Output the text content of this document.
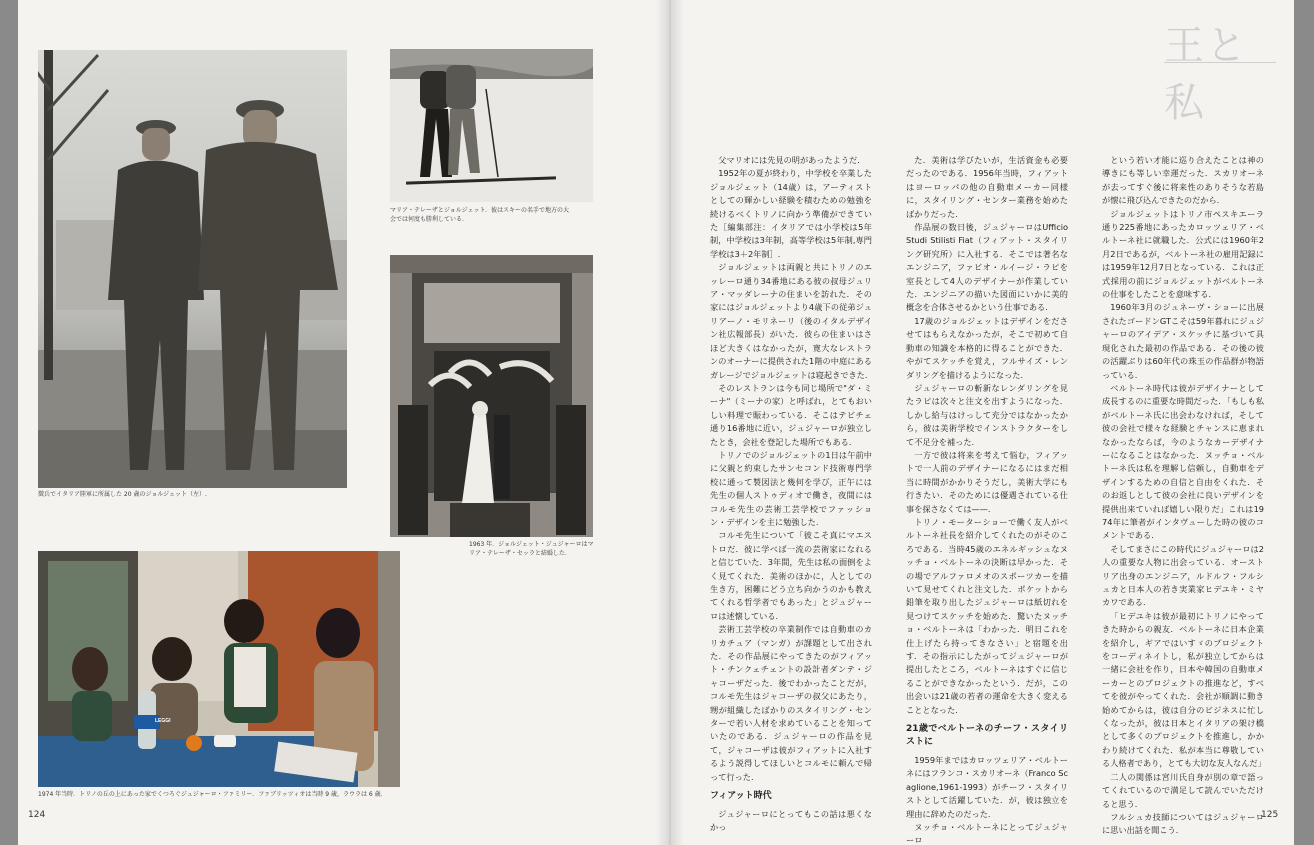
徴兵でイタリア陸軍に所属した 20 歳のジョルジェット（左）.
マリア・テレーザとジョルジェット．彼はスキーの名手で地方の大会では何度も勝利している．
1963 年．ジョルジェット・ジュジャーロはマリア・テレーザ・セッラと結婚した．
LEGGI
1974 年当時．トリノの丘の上にあった家でくつろぐジュジャーロ・ファミリー．ファブリッツィオは当時 9 歳，ラウラは 6 歳．
124	125
王と私

父マリオには先見の明があったようだ.

1952年の夏が終わり，中学校を卒業したジョルジェット（14歳）は，アーティストとしての輝かしい経験を積むための勉強を続けるべくトリノに向かう準備ができていた［編集部注：イタリアでは小学校は5年制，中学校は3年制，高等学校は5年制,専門学校は3＋2年制］.

ジョルジェットは両親と共にトリノのエッレーロ通り34番地にある彼の叔母ジュリア・マッダレーナの住まいを訪れた．その家にはジョルジェットより4歳下の従弟ジュリアーノ・モリネーリ（後のイタルデザイン社広報部長）がいた．彼らの住まいはさほど大きくはなかったが，寛大なレストランのオーナーに提供された1階の中庭にあるガレージでジョルジェットは寝起きできた.

そのレストランは今も同じ場所で"ダ・ミーナ"（ミーナの家）と呼ばれ，とてもおいしい料理で賑わっている．そこはテビチェ通り16番地に近い，ジュジャーロが独立したとき，会社を登記した場所でもある.

トリノでのジョルジェットの1日は午前中に父親と約束したサンセコンド技術専門学校に通って製図法と幾何を学び，正午には先生の個人ストゥディオで働き，夜間にはコルモ先生の芸術工芸学校でファッション・デザインを主に勉強した.

コルモ先生について「彼こそ真にマエストロだ．彼に学べば一流の芸術家になれると信じていた．3年間，先生は私の面倒をよく見てくれた．美術のほかに，人としての生き方，困難にどう立ち向かうのかも教えてくれる哲学者でもあった」とジュジャーロは述懐している.

芸術工芸学校の卒業制作では自動車のカリカチュア（マンガ）が課題として出された．その作品展にやってきたのがフィアット・チンクェチェントの設計者ダンテ・ジャコーザだった．後でわかったことだが，コルモ先生はジャコーザの叔父にあたり，甥が組織したばかりのスタイリング・センターで若い人材を求めていることを知っていたのである．ジュジャーロの作品を見て，ジャコーザは彼がフィアットに入社するよう説得してほしいとコルモに頼んで帰って行った.

フィアット時代

ジュジャーロにとってもこの話は悪くなかっ

た．美術は学びたいが，生活資金も必要だったのである．1956年当時，フィアットはヨーロッパの他の自動車メーカー同様に，スタイリング・センター業務を始めたばかりだった.

作品展の数日後，ジュジャーロはUfficio Studi Stilisti Fiat（フィアット・スタイリング研究所）に入社する．そこでは著名なエンジニア，ファビオ・ルイージ・ラピを室長として4人のデザイナーが作業していた．エンジニアの描いた図面にいかに美的概念を合体させるかという仕事である.

17歳のジョルジェットはデザインをださせてはもらえなかったが，そこで初めて自動車の知識を本格的に得ることができた．やがてスケッチを覚え，フルサイズ・レンダリングを描けるようになった.

ジュジャーロの斬新なレンダリングを見たラピは次々と注文を出すようになった．しかし給与はけっして充分ではなかったから，彼は美術学校でインストラクターをして不足分を補った.

一方で彼は将来を考えて悩む，フィアットで一人前のデザイナーになるにはまだ相当に時間がかかりそうだし，美術大学にも行きたい．そのためには優遇されている仕事を探さなくては——.

トリノ・モーターショーで働く友人がベルトーネ社長を紹介してくれたのがそのころである．当時45歳のエネルギッシュなヌッチョ・ベルトーネの決断は早かった．その場でアルファロメオのスポーツカーを描いて見せてくれと注文した．ポケットから鉛筆を取り出したジュジャーロは紙切れを見つけてスケッチを始めた．驚いたヌッチョ・ベルトーネは「わかった．明日これを仕上げたら持ってきなさい」と宿題を出す．その指示にしたがってジュジャーロが提出したところ，ベルトーネはすぐに信じることができなかったという．だが，この出会いは21歳の若者の運命を大きく変えることとなった.

21歳でベルトーネのチーフ・スタイリストに

1959年まではカロッツェリア・ベルトーネにはフランコ・スカリオーネ（Franco Scaglione,1961-1993）がチーフ・スタイリストとして活躍していた．が，彼は独立を理由に辞めたのだった.

ヌッチョ・ベルトーネにとってジュジャーロ

という若い才能に巡り合えたことは神の導きにも等しい幸運だった．スカリオーネが去ってすぐ後に将来性のありそうな若島が懐に飛び込んできたのだから.

ジョルジェットはトリノ市ペスキエーラ通り225番地にあったカロッツェリア・ベルトーネ社に就職した．公式には1960年2月2日であるが，ベルトーネ社の雇用記録には1959年12月7日となっている．これは正式採用の前にジョルジェットがベルトーネの仕事をしたことを意味する.

1960年3月のジュネーヴ・ショーに出展されたゴードンGTこそは59年暮れにジュジャーロのアイデア・スケッチに基づいて具現化された最初の作品である．その後の彼の活躍ぶりは60年代の珠玉の作品群が物語っている.

ベルトーネ時代は彼がデザイナーとして成長するのに重要な時間だった．「もしも私がベルトーネ氏に出会わなければ，そして彼の会社で様々な経験とチャンスに恵まれなかったならば，今のようなカーデザイナーになることはなかった．ヌッチョ・ベルトーネ氏は私を理解し信頼し，自動車をデザインするための自信と自由をくれた．そのお返しとして彼の会社に良いデザインを提供出来ていれば嬉しい限りだ」これは1974年に筆者がインタヴューした時の彼のコメントである.

そしてまさにこの時代にジュジャーロは2人の重要な人物に出会っている．オーストリア出身のエンジニア，ルドルフ・フルシュカと日本人の若き実業家ヒデユキ・ミヤカワである.

「ヒデユキは彼が最初にトリノにやってきた時からの親友．ベルトーネに日本企業を紹介し，ギアではいすゞのプロジェクトをコーディネイトし，私が独立してからは一緒に会社を作り，日本や韓国の自動車メーカーとのプロジェクトの推進など，すべてを彼がやってくれた．会社が順調に動き始めてからは，彼は自分のビジネスに忙しくなったが，彼は日本とイタリアの架け橋として多くのプロジェクトを推進し，かかわり続けてくれた．私が本当に尊敬している人格者であり，とても大切な友人なんだ」

二人の関係は宮川氏自身が別の章で語ってくれているので満足して読んでいただけると思う.

フルシュカ技師についてはジュジャーロに思い出話を聞こう.
